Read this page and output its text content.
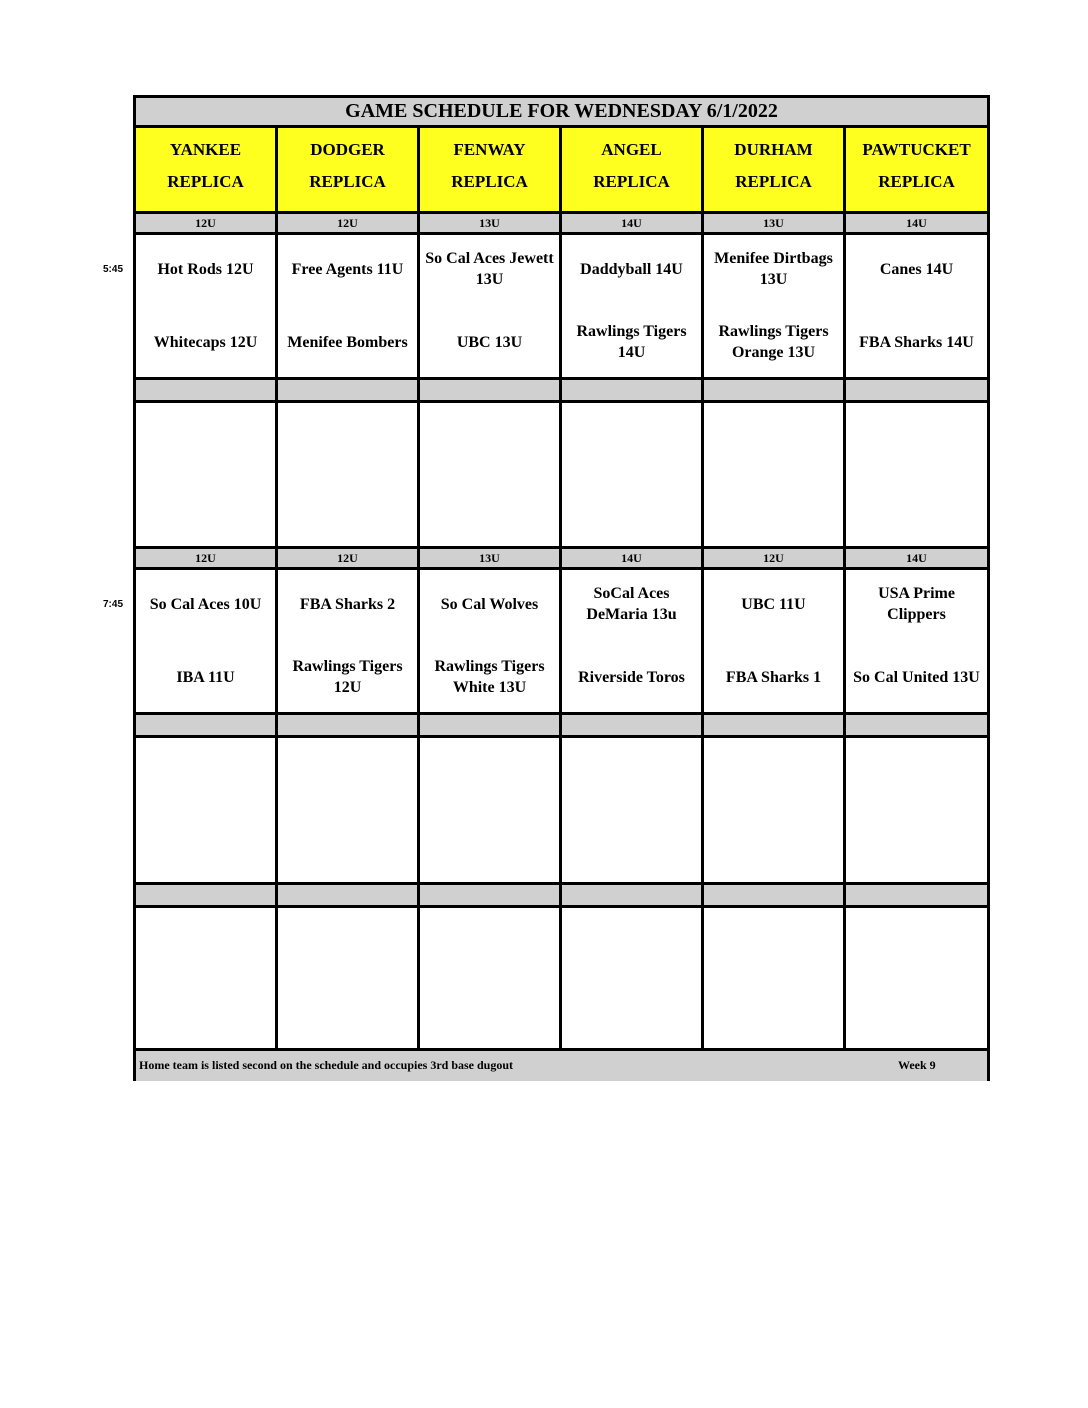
5:45
7:45
GAME SCHEDULE FOR WEDNESDAY 6/1/2022
YANKEE
REPLICA
DODGER
REPLICA
FENWAY
REPLICA
ANGEL
REPLICA
DURHAM
REPLICA
PAWTUCKET
REPLICA
12U
Hot Rods 12U
Whitecaps 12U
12U
Free Agents 11U
Menifee Bombers
13U
So Cal Aces Jewett 13U
UBC 13U
14U
Daddyball 14U
Rawlings Tigers 14U
13U
Menifee Dirtbags 13U
Rawlings Tigers Orange 13U
14U
Canes 14U
FBA Sharks 14U
12U
So Cal Aces 10U
IBA 11U
12U
FBA Sharks 2
Rawlings Tigers 12U
13U
So Cal Wolves
Rawlings Tigers White 13U
14U
SoCal Aces DeMaria 13u
Riverside Toros
12U
UBC 11U
FBA Sharks 1
14U
USA Prime Clippers
So Cal United 13U
Home team is listed second on the schedule and occupies 3rd base dugout	Week 9
